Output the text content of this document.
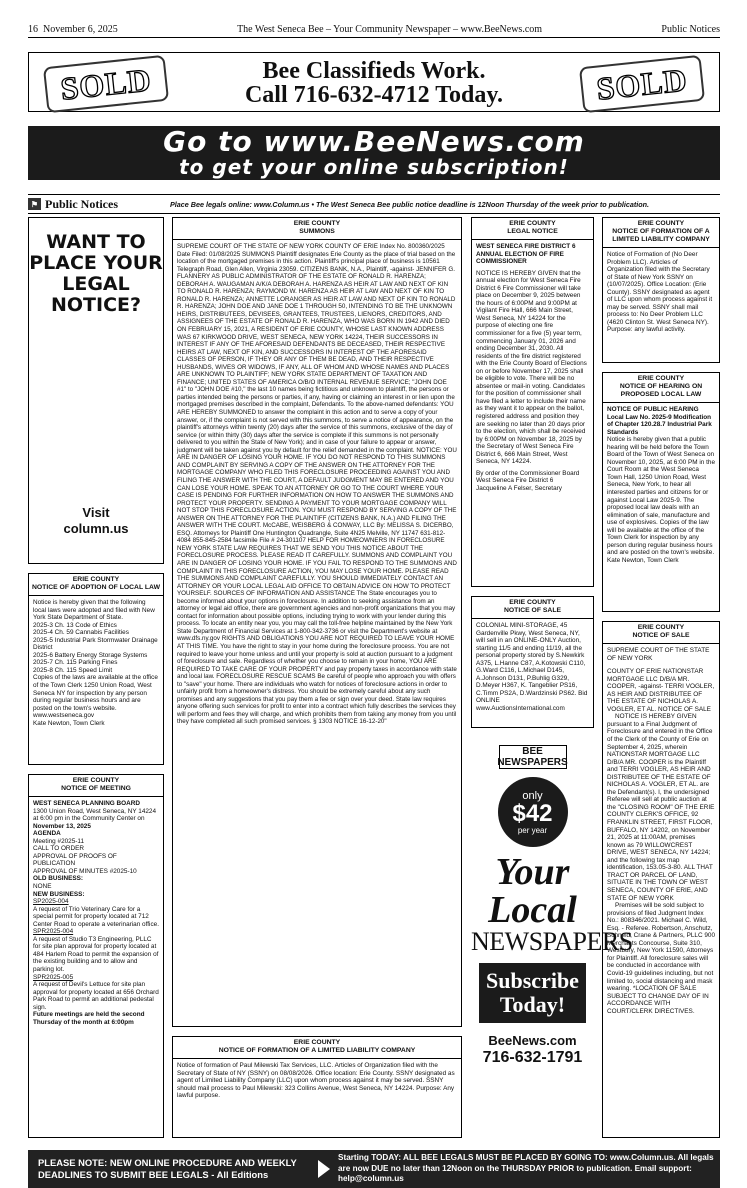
16 November 6, 2025	The West Seneca Bee – Your Community Newspaper – www.BeeNews.com	Public Notices
SOLD	Bee Classifieds Work.
Call 716-632-4712 Today.	SOLD
Go to www.BeeNews.com
to get your online subscription!
⚑ Public Notices	Place Bee legals online: www.Column.us • The West Seneca Bee public notice deadline is 12Noon Thursday of the week prior to publication.
WANT TO PLACE YOUR LEGAL NOTICE?
Visit
column.us
ERIE COUNTY
NOTICE OF ADOPTION OF LOCAL LAW
Notice is hereby given that the following local laws were adopted and filed with New York State Department of State.
2025-3 Ch. 13 Code of Ethics
2025-4 Ch. 59 Cannabis Facilities
2025-5 Industrial Park Stormwater Drainage District
2025-6 Battery Energy Storage Systems
2025-7 Ch. 115 Parking Fines
2025-8 Ch. 115 Speed Limit
Copies of the laws are available at the office of the Town Clerk 1250 Union Road, West Seneca NY for inspection by any person during regular business hours and are posted on the town's website. www.westseneca.gov
Kate Newton, Town Clerk
ERIE COUNTY
NOTICE OF MEETING
WEST SENECA PLANNING BOARD
1300 Union Road, West Seneca, NY 14224 at 6:00 pm in the Community Center on November 13, 2025
AGENDA
Meeting #2025-11
CALL TO ORDER
APPROVAL OF PROOFS OF PUBLICATION
APPROVAL OF MINUTES #2025-10
OLD BUSINESS:
NONE
NEW BUSINESS:
SP2025-004
A request of Trio Veterinary Care for a special permit for property located at 712 Center Road to operate a veterinarian office.
SPR2025-004
A request of Studio T3 Engineering, PLLC for site plan approval for property located at 484 Harlem Road to permit the expansion of the existing building and to allow and parking lot.
SPR2025-005
A request of Devil's Lettuce for site plan approval for property located at 656 Orchard Park Road to permit an additional pedestal sign.
Future meetings are held the second Thursday of the month at 6:00pm
ERIE COUNTY
SUMMONS
SUPREME COURT OF THE STATE OF NEW YORK COUNTY OF ERIE Index No. 800360/2025 Date Filed: 01/08/2025 SUMMONS Plaintiff designates Erie County as the place of trial based on the location of the mortgaged premises in this action. Plaintiff's principal place of business is 10561 Telegraph Road, Glen Allen, Virginia 23059. CITIZENS BANK, N.A., Plaintiff, -against- JENNIFER G. FLANNERY AS PUBLIC ADMINISTRATOR OF THE ESTATE OF RONALD R. HARENZA; DEBORAH A. WAUGAMAN A/K/A DEBORAH A. HARENZA AS HEIR AT LAW AND NEXT OF KIN TO RONALD R. HARENZA; RAYMOND W. HARENZA AS HEIR AT LAW AND NEXT OF KIN TO RONALD R. HARENZA; ANNETTE LORANGER AS HEIR AT LAW AND NEXT OF KIN TO RONALD R. HARENZA; JOHN DOE AND JANE DOE 1 THROUGH 50, INTENDING TO BE THE UNKNOWN HEIRS, DISTRIBUTEES, DEVISEES, GRANTEES, TRUSTEES, LIENORS, CREDITORS, AND ASSIGNEES OF THE ESTATE OF RONALD R. HARENZA, WHO WAS BORN IN 1942 AND DIED ON FEBRUARY 15, 2021, A RESIDENT OF ERIE COUNTY, WHOSE LAST KNOWN ADDRESS WAS 67 KIRKWOOD DRIVE, WEST SENECA, NEW YORK 14224, THEIR SUCCESSORS IN INTEREST IF ANY OF THE AFORESAID DEFENDANTS BE DECEASED, THEIR RESPECTIVE HEIRS AT LAW, NEXT OF KIN, AND SUCCESSORS IN INTEREST OF THE AFORESAID CLASSES OF PERSON, IF THEY OR ANY OF THEM BE DEAD, AND THEIR RESPECTIVE HUSBANDS, WIVES OR WIDOWS, IF ANY, ALL OF WHOM AND WHOSE NAMES AND PLACES ARE UNKNOWN TO PLAINTIFF; NEW YORK STATE DEPARTMENT OF TAXATION AND FINANCE; UNITED STATES OF AMERICA O/B/O INTERNAL REVENUE SERVICE; "JOHN DOE #1" to "JOHN DOE #10," the last 10 names being fictitious and unknown to plaintiff, the persons or parties intended being the persons or parties, if any, having or claiming an interest in or lien upon the mortgaged premises described in the complaint, Defendants. To the above-named defendants: YOU ARE HEREBY SUMMONED to answer the complaint in this action and to serve a copy of your answer, or, if the complaint is not served with this summons, to serve a notice of appearance, on the plaintiff's attorneys within twenty (20) days after the service of this summons, exclusive of the day of service (or within thirty (30) days after the service is complete if this summons is not personally delivered to you within the State of New York); and in case of your failure to appear or answer, judgment will be taken against you by default for the relief demanded in the complaint. NOTICE: YOU ARE IN DANGER OF LOSING YOUR HOME. IF YOU DO NOT RESPOND TO THIS SUMMONS AND COMPLAINT BY SERVING A COPY OF THE ANSWER ON THE ATTORNEY FOR THE MORTGAGE COMPANY WHO FILED THIS FORECLOSURE PROCEEDING AGAINST YOU AND FILING THE ANSWER WITH THE COURT, A DEFAULT JUDGMENT MAY BE ENTERED AND YOU CAN LOSE YOUR HOME. SPEAK TO AN ATTORNEY OR GO TO THE COURT WHERE YOUR CASE IS PENDING FOR FURTHER INFORMATION ON HOW TO ANSWER THE SUMMONS AND PROTECT YOUR PROPERTY. SENDING A PAYMENT TO YOUR MORTGAGE COMPANY WILL NOT STOP THIS FORECLOSURE ACTION. YOU MUST RESPOND BY SERVING A COPY OF THE ANSWER ON THE ATTORNEY FOR THE PLAINTIFF (CITIZENS BANK, N.A.) AND FILING THE ANSWER WITH THE COURT. McCABE, WEISBERG & CONWAY, LLC By: MELISSA S. DICERBO, ESQ. Attorneys for Plaintiff One Huntington Quadrangle, Suite 4N25 Melville, NY 11747 631-812-4084 855-845-2584 facsimile File # 24-301107 HELP FOR HOMEOWNERS IN FORECLOSURE NEW YORK STATE LAW REQUIRES THAT WE SEND YOU THIS NOTICE ABOUT THE FORECLOSURE PROCESS. PLEASE READ IT CAREFULLY. SUMMONS AND COMPLAINT YOU ARE IN DANGER OF LOSING YOUR HOME. IF YOU FAIL TO RESPOND TO THE SUMMONS AND COMPLAINT IN THIS FORECLOSURE ACTION, YOU MAY LOSE YOUR HOME. PLEASE READ THE SUMMONS AND COMPLAINT CAREFULLY. YOU SHOULD IMMEDIATELY CONTACT AN ATTORNEY OR YOUR LOCAL LEGAL AID OFFICE TO OBTAIN ADVICE ON HOW TO PROTECT YOURSELF. SOURCES OF INFORMATION AND ASSISTANCE The State encourages you to become informed about your options in foreclosure. In addition to seeking assistance from an attorney or legal aid office, there are government agencies and non-profit organizations that you may contact for information about possible options, including trying to work with your lender during this process. To locate an entity near you, you may call the toll-free helpline maintained by the New York State Department of Financial Services at 1-800-342-3736 or visit the Department's website at www.dfs.ny.gov RIGHTS AND OBLIGATIONS YOU ARE NOT REQUIRED TO LEAVE YOUR HOME AT THIS TIME. You have the right to stay in your home during the foreclosure process. You are not required to leave your home unless and until your property is sold at auction pursuant to a judgment of foreclosure and sale. Regardless of whether you choose to remain in your home, YOU ARE REQUIRED TO TAKE CARE OF YOUR PROPERTY and pay property taxes in accordance with state and local law. FORECLOSURE RESCUE SCAMS Be careful of people who approach you with offers to "save" your home. There are individuals who watch for notices of foreclosure actions in order to unfairly profit from a homeowner's distress. You should be extremely careful about any such promises and any suggestions that you pay them a fee or sign over your deed. State law requires anyone offering such services for profit to enter into a contract which fully describes the services they will perform and fees they will charge, and which prohibits them from taking any money from you until they have completed all such promised services. § 1303 NOTICE 16-12-20"
ERIE COUNTY
NOTICE OF FORMATION OF A LIMITED LIABILITY COMPANY
Notice of formation of Paul Milewski Tax Services, LLC. Articles of Organization filed with the Secretary of State of NY (SSNY) on 08/08/2026. Office location: Erie County. SSNY designated as agent of Limited Liability Company (LLC) upon whom process against it may be served. SSNY should mail process to Paul Milewski: 323 Collins Avenue, West Seneca, NY 14224. Purpose: Any lawful purpose.
ERIE COUNTY
LEGAL NOTICE
WEST SENECA FIRE DISTRICT 6 ANNUAL ELECTION OF FIRE COMMISSIONER
NOTICE IS HEREBY GIVEN that the annual election for West Seneca Fire District 6 Fire Commissioner will take place on December 9, 2025 between the hours of 6:00PM and 9:00PM at Vigilant Fire Hall, 666 Main Street, West Seneca, NY 14224 for the purpose of electing one fire commissioner for a five (5) year term, commencing January 01, 2026 and ending December 31, 2030. All residents of the fire district registered with the Erie County Board of Elections on or before November 17, 2025 shall be eligible to vote. There will be no absentee or mail-in voting. Candidates for the position of commissioner shall have filed a letter to include their name as they want it to appear on the ballot, registered address and position they are seeking no later than 20 days prior to the election, which shall be received by 6:00PM on November 18, 2025 by the Secretary of West Seneca Fire District 6, 666 Main Street, West Seneca, NY 14224.
By order of the Commissioner Board
West Seneca Fire District 6
Jacqueline A Felser, Secretary
ERIE COUNTY
NOTICE OF SALE
COLONIAL MINI-STORAGE, 45 Gardenville Pkwy, West Seneca, NY, will sell in an ONLINE-ONLY Auction, starting 11/5 and ending 11/19, all the personal property stored by S.Newkirk A375, L.Hanne C87, A.Kotowski C110, G.Ward C116, L.Michael D145, A.Johnson D131, P.Buhlig G329, D.Meyer H367, K. Tangeblier PS16, C.Timm PS2A, D.Wardzinski PS62. Bid ONLINE www.AuctionsInternational.com
BEE NEWSPAPERS
only
$42
per year
Your
Local
NEWSPAPERS
Subscribe
Today!
BeeNews.com
716-632-1791
ERIE COUNTY
NOTICE OF FORMATION OF A LIMITED LIABILITY COMPANY
Notice of Formation of (No Deer Problem LLC). Articles of Organization filed with the Secretary of State of New York SSNY on (10/07/2025). Office Location: (Erie County). SSNY designated as agent of LLC upon whom process against it may be served. SSNY shall mail process to: No Deer Problem LLC (4620 Clinton St. West Seneca NY). Purpose: any lawful activity.
ERIE COUNTY
NOTICE OF HEARING ON PROPOSED LOCAL LAW
NOTICE OF PUBLIC HEARING Local Law No. 2025-9 Modification of Chapter 120.28.7 Industrial Park Standards
Notice is hereby given that a public hearing will be held before the Town Board of the Town of West Seneca on November 10, 2025, at 6:00 PM in the Court Room at the West Seneca Town Hall, 1250 Union Road, West Seneca, New York, to hear all interested parties and citizens for or against Local Law 2025-9. The proposed local law deals with an elimination of sale, manufacture and use of explosives. Copies of the law will be available at the office of the Town Clerk for inspection by any person during regular business hours and are posted on the town's website.
Kate Newton, Town Clerk
ERIE COUNTY
NOTICE OF SALE
SUPREME COURT OF THE STATE OF NEW YORK
COUNTY OF ERIE NATIONSTAR MORTGAGE LLC D/B/A MR. COOPER, -against- TERRI VOGLER, AS HEIR AND DISTRIBUTEE OF THE ESTATE OF NICHOLAS A. VOGLER, ET AL. NOTICE OF SALE
NOTICE IS HEREBY GIVEN pursuant to a Final Judgment of Foreclosure and entered in the Office of the Clerk of the County of Erie on September 4, 2025, wherein NATIONSTAR MORTGAGE LLC D/B/A MR. COOPER is the Plaintiff and TERRI VOGLER, AS HEIR AND DISTRIBUTEE OF THE ESTATE OF NICHOLAS A. VOGLER, ET AL. are the Defendant(s). I, the undersigned Referee will sell at public auction at the "CLOSING ROOM" OF THE ERIE COUNTY CLERK'S OFFICE, 92 FRANKLIN STREET, FIRST FLOOR, BUFFALO, NY 14202, on November 21, 2025 at 11:00AM, premises known as 79 WILLOWCREST DRIVE, WEST SENECA, NY 14224; and the following tax map identification, 153.05-3-80. ALL THAT TRACT OR PARCEL OF LAND, SITUATE IN THE TOWN OF WEST SENECA, COUNTY OF ERIE, AND STATE OF NEW YORK
Premises will be sold subject to provisions of filed Judgment Index No.: 808346/2021. Michael C. Wild, Esq. - Referee. Robertson, Anschutz, Schneid, Crane & Partners, PLLC 900 Merchants Concourse, Suite 310, Westbury, New York 11590, Attorneys for Plaintiff. All foreclosure sales will be conducted in accordance with Covid-19 guidelines including, but not limited to, social distancing and mask wearing. *LOCATION OF SALE SUBJECT TO CHANGE DAY OF IN ACCORDANCE WITH COURT/CLERK DIRECTIVES.
PLEASE NOTE: NEW ONLINE PROCEDURE AND WEEKLY DEADLINES TO SUBMIT BEE LEGALS - All Editions
Starting TODAY: ALL BEE LEGALS MUST BE PLACED BY GOING TO: www.Column.us. All legals are now DUE no later than 12Noon on the THURSDAY PRIOR to publication. Email support: help@column.us
